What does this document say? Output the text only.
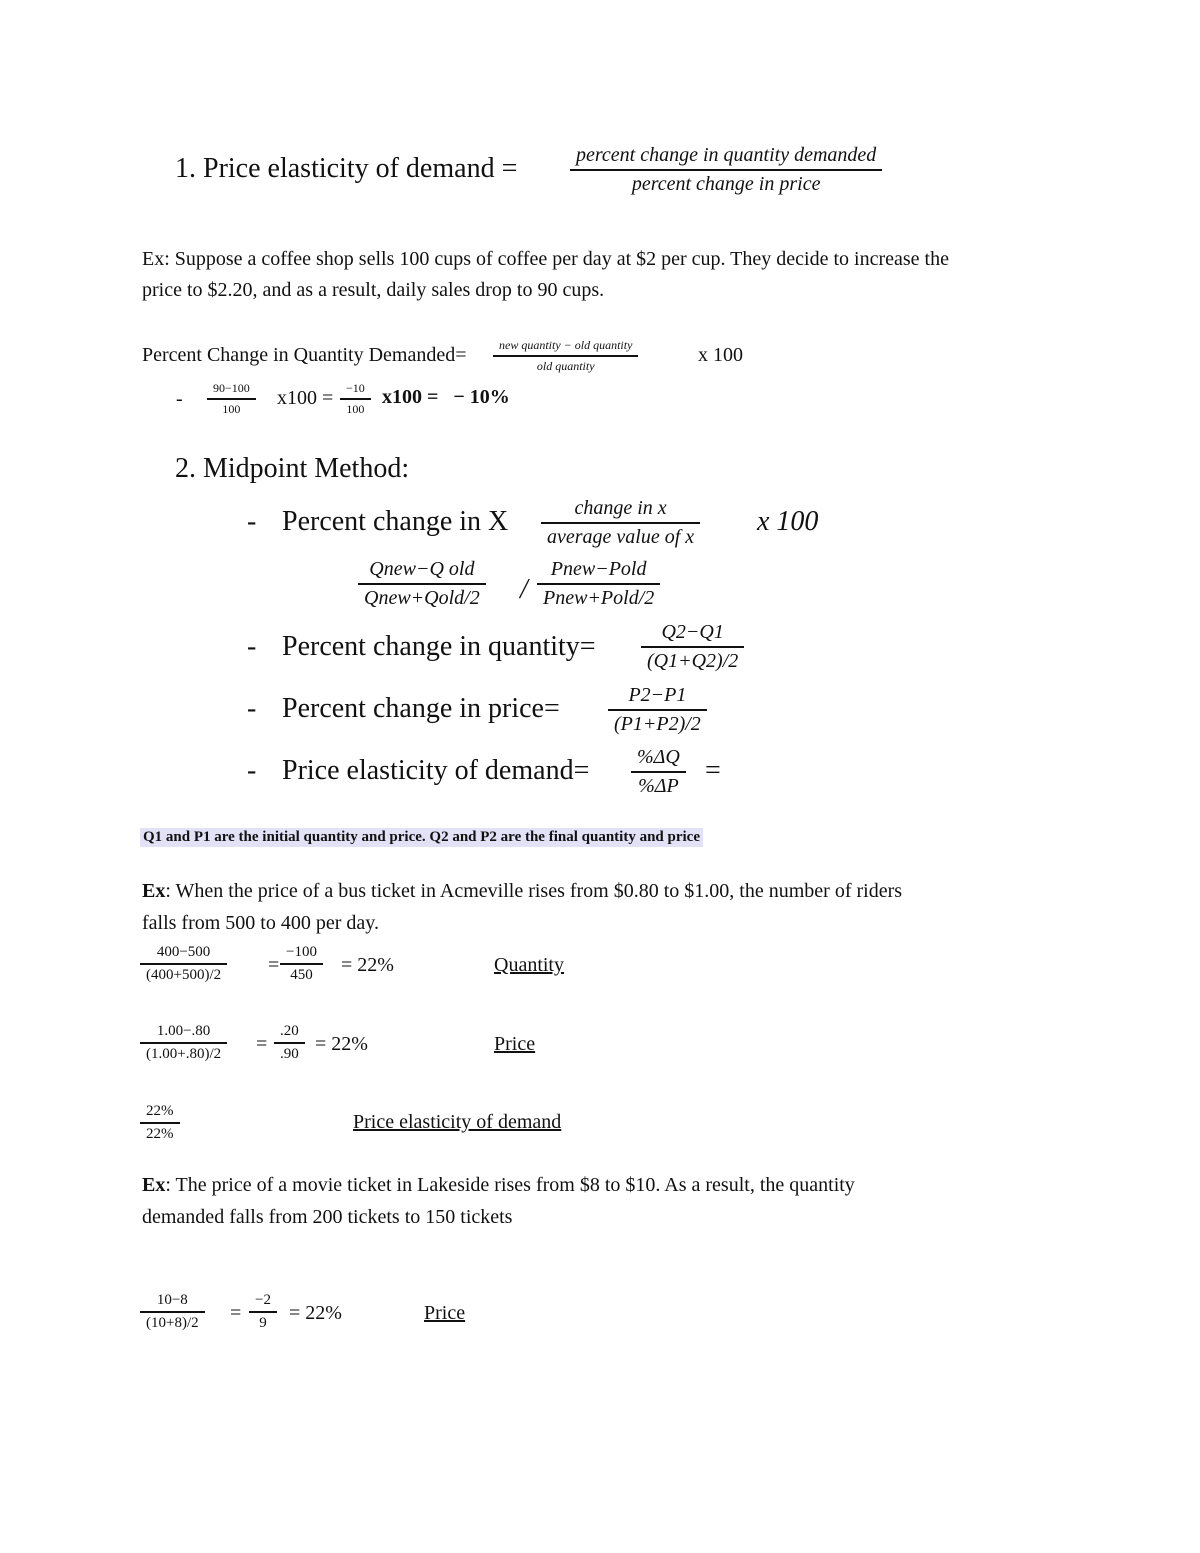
1. Price elasticity of demand =	percent change in quantity demanded
percent change in price
Ex: Suppose a coffee shop sells 100 cups of coffee per day at $2 per cup. They decide to increase the
price to $2.20, and as a result, daily sales drop to 90 cups.
Percent Change in Quantity Demanded=	new quantity − old quantity
old quantity	x 100
-	90−100
100	x100 =	−10
100
x100 =   − 10%
2. Midpoint Method:
- Percent change in X	change in x
average value of x x 100
Qnew−Q old
Qnew+Qold/2 /
Pnew−Pold
Pnew+Pold/2
- Percent change in quantity=	Q2−Q1
(Q1+Q2)/2
- Percent change in price=	P2−P1
(P1+P2)/2
- Price elasticity of demand=	%ΔQ
%ΔP =
Q1 and P1 are the initial quantity and price. Q2 and P2 are the final quantity and price
Ex: When the price of a bus ticket in Acmeville rises from $0.80 to $1.00, the number of riders
falls from 500 to 400 per day.
400−500
(400+500)/2	=
−100
450	= 22%	Quantity
1.00−.80
(1.00+.80)/2	=
.20
.90 = 22%	Price
22%
22%
Price elasticity of demand
Ex: The price of a movie ticket in Lakeside rises from $8 to $10. As a result, the quantity
demanded falls from 200 tickets to 150 tickets
10−8
(10+8)/2	=
−2
9	= 22%	Price
